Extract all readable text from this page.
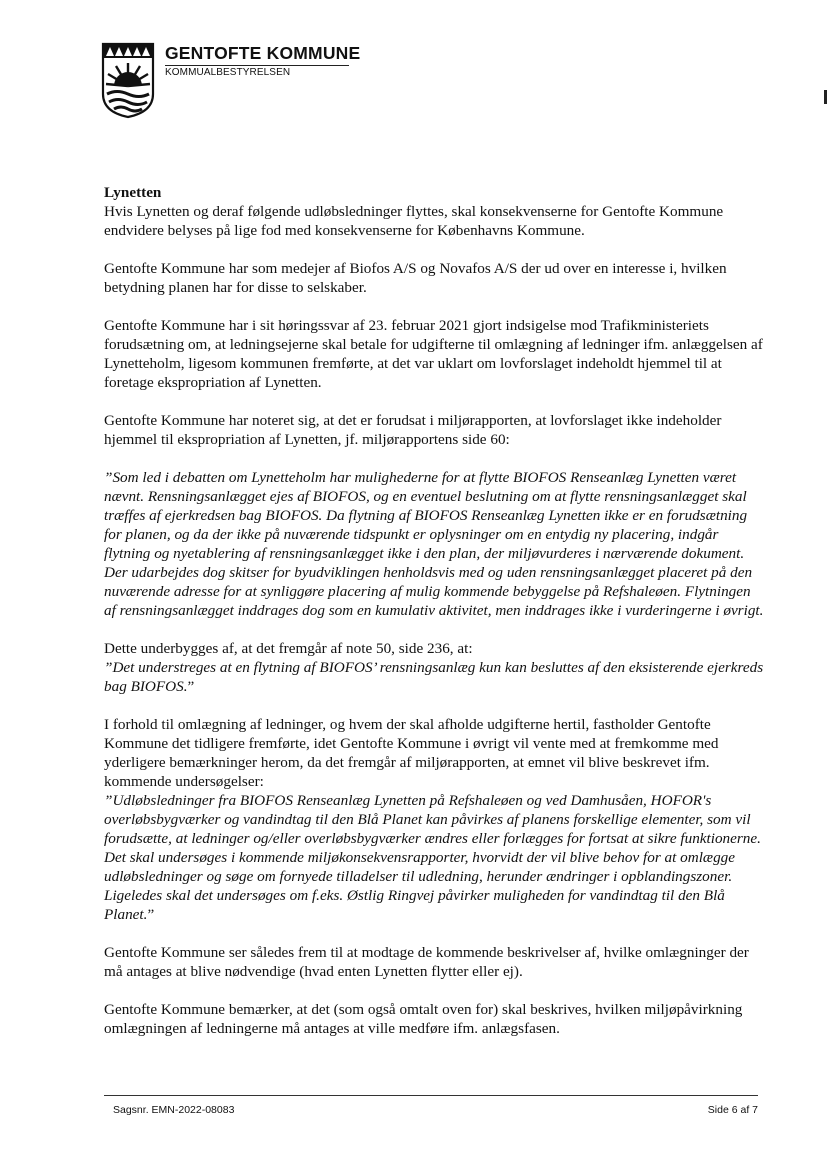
GENTOFTE KOMMUNE
KOMMUALBESTYRELSEN
Lynetten

Hvis Lynetten og deraf følgende udløbsledninger flyttes, skal konsekvenserne for Gentofte Kommune endvidere belyses på lige fod med konsekvenserne for Københavns Kommune.

Gentofte Kommune har som medejer af Biofos A/S og Novafos A/S der ud over en interesse i, hvilken betydning planen har for disse to selskaber.

Gentofte Kommune har i sit høringssvar af 23. februar 2021 gjort indsigelse mod Trafikministeriets forudsætning om, at ledningsejerne skal betale for udgifterne til omlægning af ledninger ifm. anlæggelsen af Lynetteholm, ligesom kommunen fremførte, at det var uklart om lovforslaget indeholdt hjemmel til at foretage ekspropriation af Lynetten.

Gentofte Kommune har noteret sig, at det er forudsat i miljørapporten, at lovforslaget ikke indeholder hjemmel til ekspropriation af Lynetten, jf. miljørapportens side 60:

”Som led i debatten om Lynetteholm har mulighederne for at flytte BIOFOS Renseanlæg Lynetten været nævnt. Rensningsanlægget ejes af BIOFOS, og en eventuel beslutning om at flytte rensningsanlægget skal træffes af ejerkredsen bag BIOFOS. Da flytning af BIOFOS Renseanlæg Lynetten ikke er en forudsætning for planen, og da der ikke på nuværende tidspunkt er oplysninger om en entydig ny placering, indgår flytning og nyetablering af rensningsanlægget ikke i den plan, der miljøvurderes i nærværende dokument. Der udarbejdes dog skitser for byudviklingen henholdsvis med og uden rensningsanlægget placeret på den nuværende adresse for at synliggøre placering af mulig kommende bebyggelse på Refshaleøen. Flytningen af rensningsanlægget inddrages dog som en kumulativ aktivitet, men inddrages ikke i vurderingerne i øvrigt.

Dette underbygges af, at det fremgår af note 50, side 236, at:

”Det understreges at en flytning af BIOFOS’ rensningsanlæg kun kan besluttes af den eksisterende ejerkreds bag BIOFOS.”

I forhold til omlægning af ledninger, og hvem der skal afholde udgifterne hertil, fastholder Gentofte Kommune det tidligere fremførte, idet Gentofte Kommune i øvrigt vil vente med at fremkomme med yderligere bemærkninger herom, da det fremgår af miljørapporten, at emnet vil blive beskrevet ifm. kommende undersøgelser:

”Udløbsledninger fra BIOFOS Renseanlæg Lynetten på Refshaleøen og ved Damhusåen, HOFOR's overløbsbygværker og vandindtag til den Blå Planet kan påvirkes af planens forskellige elementer, som vil forudsætte, at ledninger og/eller overløbsbygværker ændres eller forlægges for fortsat at sikre funktionerne. Det skal undersøges i kommende miljøkonsekvensrapporter, hvorvidt der vil blive behov for at omlægge udløbsledninger og søge om fornyede tilladelser til udledning, herunder ændringer i opblandingszoner. Ligeledes skal det undersøges om f.eks. Østlig Ringvej påvirker muligheden for vandindtag til den Blå Planet.”

Gentofte Kommune ser således frem til at modtage de kommende beskrivelser af, hvilke omlægninger der må antages at blive nødvendige (hvad enten Lynetten flytter eller ej).

Gentofte Kommune bemærker, at det (som også omtalt oven for) skal beskrives, hvilken miljøpåvirkning omlægningen af ledningerne må antages at ville medføre ifm. anlægsfasen.

Sagsnr. EMN-2022-08083	Side 6 af 7
